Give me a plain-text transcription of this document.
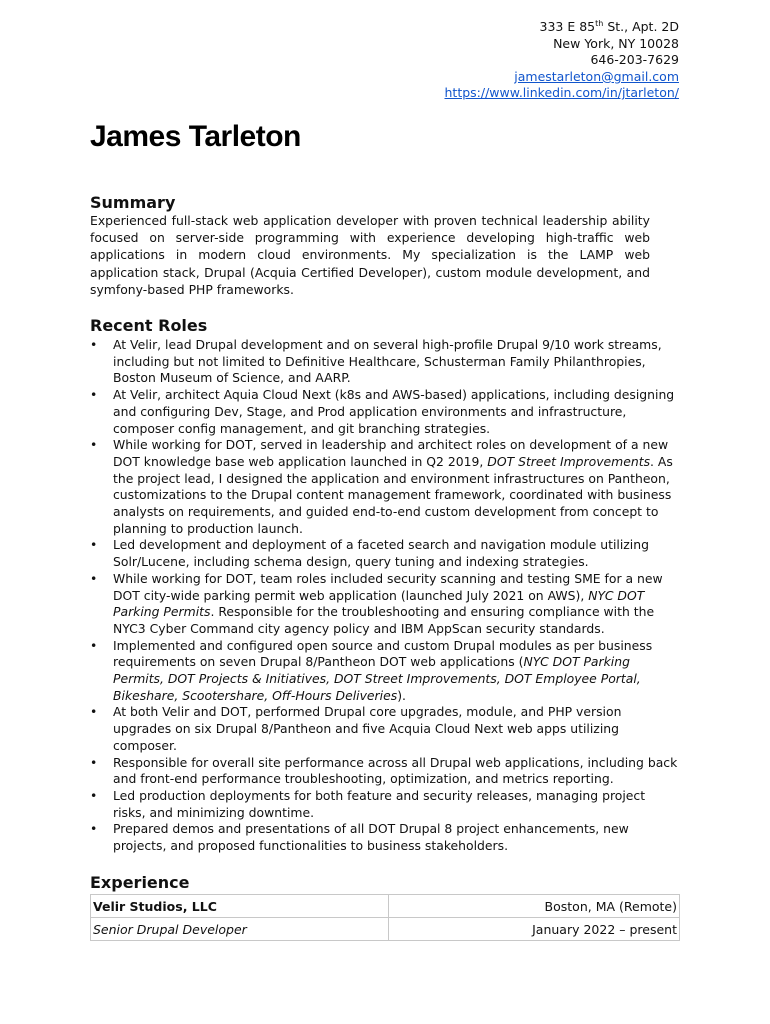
333 E 85th St., Apt. 2D
New York, NY 10028
646-203-7629
jamestarleton@gmail.com
https://www.linkedin.com/in/jtarleton/
James Tarleton
Summary

Experienced full-stack web application developer with proven technical leadership ability focused on server-side programming with experience developing high-traffic web applications in modern cloud environments. My specialization is the LAMP web application stack, Drupal (Acquia Certified Developer), custom module development, and symfony-based PHP frameworks.

Recent Roles
• At Velir, lead Drupal development and on several high-profile Drupal 9/10 work streams, including but not limited to Definitive Healthcare, Schusterman Family Philanthropies, Boston Museum of Science, and AARP.
• At Velir, architect Aquia Cloud Next (k8s and AWS-based) applications, including designing and configuring Dev, Stage, and Prod application environments and infrastructure, composer config management, and git branching strategies.
• While working for DOT, served in leadership and architect roles on development of a new DOT knowledge base web application launched in Q2 2019, DOT Street Improvements. As the project lead, I designed the application and environment infrastructures on Pantheon, customizations to the Drupal content management framework, coordinated with business analysts on requirements, and guided end-to-end custom development from concept to planning to production launch.
• Led development and deployment of a faceted search and navigation module utilizing Solr/Lucene, including schema design, query tuning and indexing strategies.
• While working for DOT, team roles included security scanning and testing SME for a new DOT city-wide parking permit web application (launched July 2021 on AWS), NYC DOT Parking Permits. Responsible for the troubleshooting and ensuring compliance with the NYC3 Cyber Command city agency policy and IBM AppScan security standards.
• Implemented and configured open source and custom Drupal modules as per business requirements on seven Drupal 8/Pantheon DOT web applications (NYC DOT Parking Permits, DOT Projects & Initiatives, DOT Street Improvements, DOT Employee Portal, Bikeshare, Scootershare, Off-Hours Deliveries).
• At both Velir and DOT, performed Drupal core upgrades, module, and PHP version upgrades on six Drupal 8/Pantheon and five Acquia Cloud Next web apps utilizing composer.
• Responsible for overall site performance across all Drupal web applications, including back and front-end performance troubleshooting, optimization, and metrics reporting.
• Led production deployments for both feature and security releases, managing project risks, and minimizing downtime.
• Prepared demos and presentations of all DOT Drupal 8 project enhancements, new projects, and proposed functionalities to business stakeholders.
Experience
Velir Studios, LLC	Boston, MA (Remote)
Senior Drupal Developer	January 2022 – present
